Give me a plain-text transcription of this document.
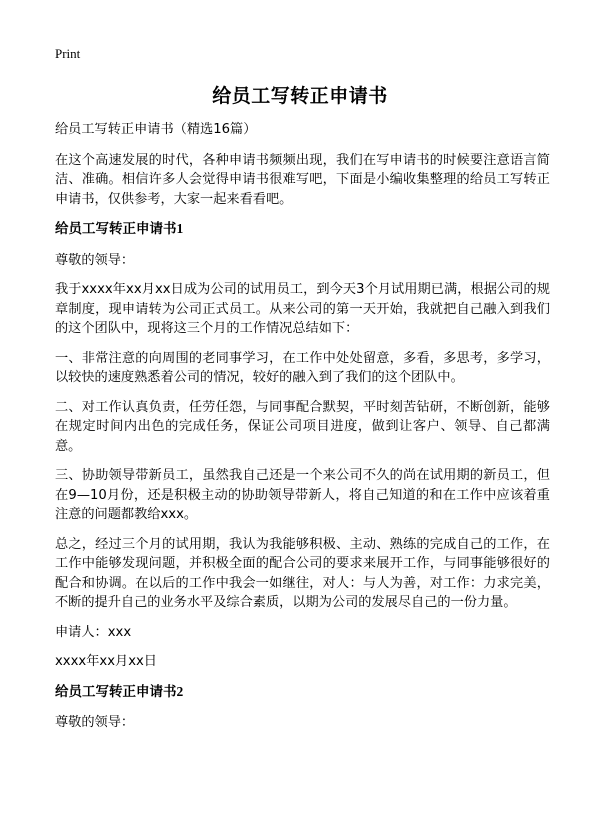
Print
给员工写转正申请书

给员工写转正申请书（精选16篇）

在这个高速发展的时代，各种申请书频频出现，我们在写申请书的时候要注意语言简洁、准确。相信许多人会觉得申请书很难写吧，下面是小编收集整理的给员工写转正申请书，仅供参考，大家一起来看看吧。

给员工写转正申请书1

尊敬的领导：

我于xxxx年xx月xx日成为公司的试用员工，到今天3个月试用期已满，根据公司的规章制度，现申请转为公司正式员工。从来公司的第一天开始，我就把自己融入到我们的这个团队中，现将这三个月的工作情况总结如下：

一、非常注意的向周围的老同事学习，在工作中处处留意，多看，多思考，多学习，以较快的速度熟悉着公司的情况，较好的融入到了我们的这个团队中。

二、对工作认真负责，任劳任怨，与同事配合默契，平时刻苦钻研，不断创新，能够在规定时间内出色的完成任务，保证公司项目进度，做到让客户、领导、自己都满意。

三、协助领导带新员工，虽然我自己还是一个来公司不久的尚在试用期的新员工，但在9—10月份，还是积极主动的协助领导带新人，将自己知道的和在工作中应该着重注意的问题都教给xxx。

总之，经过三个月的试用期，我认为我能够积极、主动、熟练的完成自己的工作，在工作中能够发现问题，并积极全面的配合公司的要求来展开工作，与同事能够很好的配合和协调。在以后的工作中我会一如继往，对人：与人为善，对工作：力求完美，不断的提升自己的业务水平及综合素质，以期为公司的发展尽自己的一份力量。

申请人：xxx

xxxx年xx月xx日

给员工写转正申请书2

尊敬的领导：
